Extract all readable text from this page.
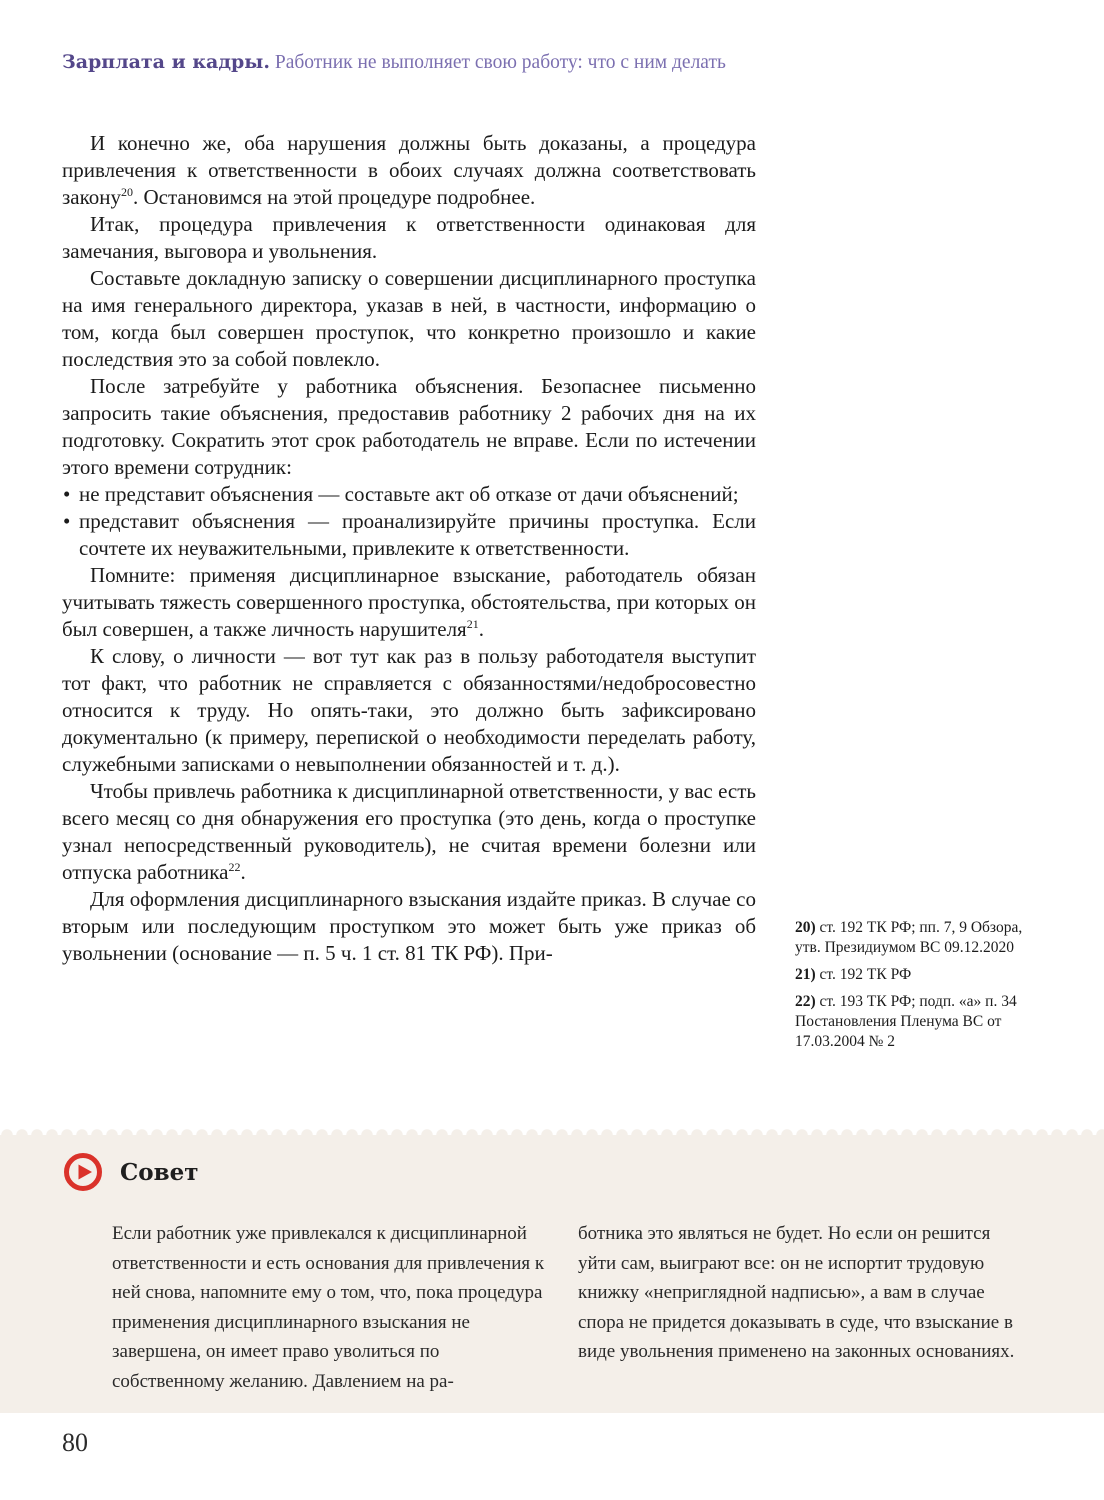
Зарплата и кадры. Работник не выполняет свою работу: что с ним делать

И конечно же, оба нарушения должны быть доказаны, а процедура привлечения к ответственности в обоих случаях должна соответствовать закону$^{20}$. Остановимся на этой процедуре подробнее.

Итак, процедура привлечения к ответственности одинаковая для замечания, выговора и увольнения.

Составьте докладную записку о совершении дисциплинарного проступка на имя генерального директора, указав в ней, в частности, информацию о том, когда был совершен проступок, что конкретно произошло и какие последствия это за собой повлекло.

После затребуйте у работника объяснения. Безопаснее письменно запросить такие объяснения, предоставив работнику 2 рабочих дня на их подготовку. Сократить этот срок работодатель не вправе. Если по истечении этого времени сотрудник:

• не представит объяснения — составьте акт об отказе от дачи объяснений;
• представит объяснения — проанализируйте причины проступка. Если сочтете их неуважительными, привлеките к ответственности.

Помните: применяя дисциплинарное взыскание, работодатель обязан учитывать тяжесть совершенного проступка, обстоятельства, при которых он был совершен, а также личность нарушителя$^{21}$.

К слову, о личности — вот тут как раз в пользу работодателя выступит тот факт, что работник не справляется с обязанностями/недобросовестно относится к труду. Но опять-таки, это должно быть зафиксировано документально (к примеру, перепиской о необходимости переделать работу, служебными записками о невыполнении обязанностей и т. д.).

Чтобы привлечь работника к дисциплинарной ответственности, у вас есть всего месяц со дня обнаружения его проступка (это день, когда о проступке узнал непосредственный руководитель), не считая времени болезни или отпуска работника$^{22}$.

Для оформления дисциплинарного взыскания издайте приказ. В случае со вторым или последующим проступком это может быть уже приказ об увольнении (основание — п. 5 ч. 1 ст. 81 ТК РФ). При-

20) ст. 192 ТК РФ; пп. 7, 9 Обзора, утв. Президиумом ВС 09.12.2020

21) ст. 192 ТК РФ

22) ст. 193 ТК РФ; подп. «а» п. 34 Постановления Пленума ВС от 17.03.2004 № 2

Совет
Если работник уже привлекался к дисциплинарной ответственности и есть основания для привлечения к ней снова, напомните ему о том, что, пока процедура применения дисциплинарного взыскания не завершена, он имеет право уволиться по собственному желанию. Давлением на ра-
ботника это являться не будет. Но если он решится уйти сам, выиграют все: он не испортит трудовую книжку «неприглядной надписью», а вам в случае спора не придется доказывать в суде, что взыскание в виде увольнения применено на законных основаниях.
80
